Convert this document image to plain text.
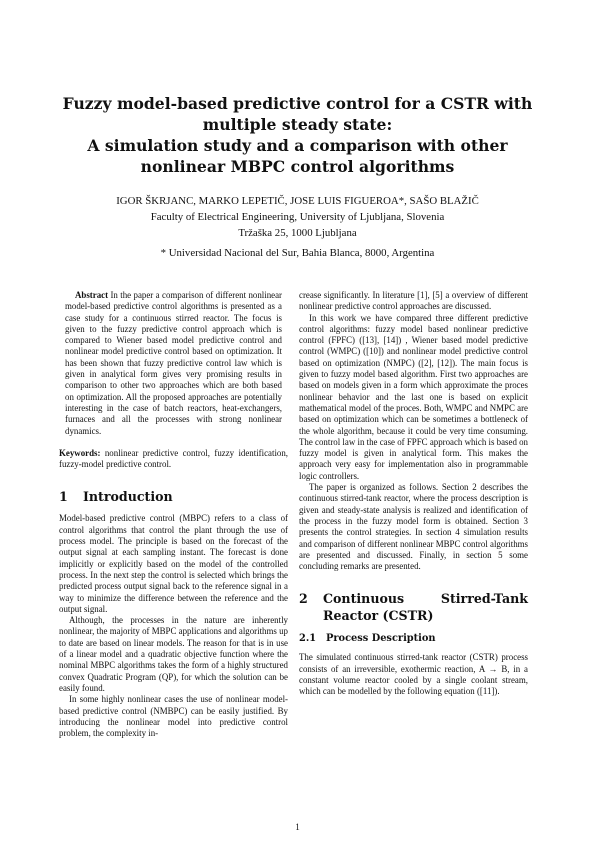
Fuzzy model-based predictive control for a CSTR with
multiple steady state:
A simulation study and a comparison with other
nonlinear MBPC control algorithms
IGOR ŠKRJANC, MARKO LEPETIČ, JOSE LUIS FIGUEROA*, SAŠO BLAŽIČ
Faculty of Electrical Engineering, University of Ljubljana, Slovenia
Tržaška 25, 1000 Ljubljana
* Universidad Nacional del Sur, Bahia Blanca, 8000, Argentina

Abstract In the paper a comparison of different nonlinear model-based predictive control algorithms is presented as a case study for a continuous stirred reactor. The focus is given to the fuzzy predictive control approach which is compared to Wiener based model predictive control and nonlinear model predictive control based on optimization. It has been shown that fuzzy predictive control law which is given in analytical form gives very promising results in comparison to other two approaches which are both based on optimization. All the proposed approaches are potentially interesting in the case of batch reactors, heat-exchangers, furnaces and all the processes with strong nonlinear dynamics.

Keywords: nonlinear predictive control, fuzzy identification, fuzzy-model predictive control.

1	Introduction

Model-based predictive control (MBPC) refers to a class of control algorithms that control the plant through the use of process model. The principle is based on the forecast of the output signal at each sampling instant. The forecast is done implicitly or explicitly based on the model of the controlled process. In the next step the control is selected which brings the predicted process output signal back to the reference signal in a way to minimize the difference between the reference and the output signal.

Although, the processes in the nature are inherently nonlinear, the majority of MBPC applications and algorithms up to date are based on linear models. The reason for that is in use of a linear model and a quadratic objective function where the nominal MBPC algorithms takes the form of a highly structured convex Quadratic Program (QP), for which the solution can be easily found.

In some highly nonlinear cases the use of nonlinear model-based predictive control (NMBPC) can be easily justified. By introducing the nonlinear model into predictive control problem, the complexity in-

crease significantly. In literature [1], [5] a overview of different nonlinear predictive control approaches are discussed.

In this work we have compared three different predictive control algorithms: fuzzy model based nonlinear predictive control (FPFC) ([13], [14]) , Wiener based model predictive control (WMPC) ([10]) and nonlinear model predictive control based on optimization (NMPC) ([2], [12]). The main focus is given to fuzzy model based algorithm. First two approaches are based on models given in a form which approximate the proces nonlinear behavior and the last one is based on explicit mathematical model of the proces. Both, WMPC and NMPC are based on optimization which can be sometimes a bottleneck of the whole algorithm, because it could be very time consuming. The control law in the case of FPFC approach which is based on fuzzy model is given in analytical form. This makes the approach very easy for implementation also in programmable logic controllers.

The paper is organized as follows. Section 2 describes the continuous stirred-tank reactor, where the process description is given and steady-state analysis is realized and identification of the process in the fuzzy model form is obtained. Section 3 presents the control strategies. In section 4 simulation results and comparison of different nonlinear MBPC control algorithms are presented and discussed. Finally, in section 5 some concluding remarks are presented.

2	Continuous	Stirred-Tank
Reactor (CSTR)
2.1	Process Description

The simulated continuous stirred-tank reactor (CSTR) process consists of an irreversible, exothermic reaction, A → B, in a constant volume reactor cooled by a single coolant stream, which can be modelled by the following equation ([11]).

1
